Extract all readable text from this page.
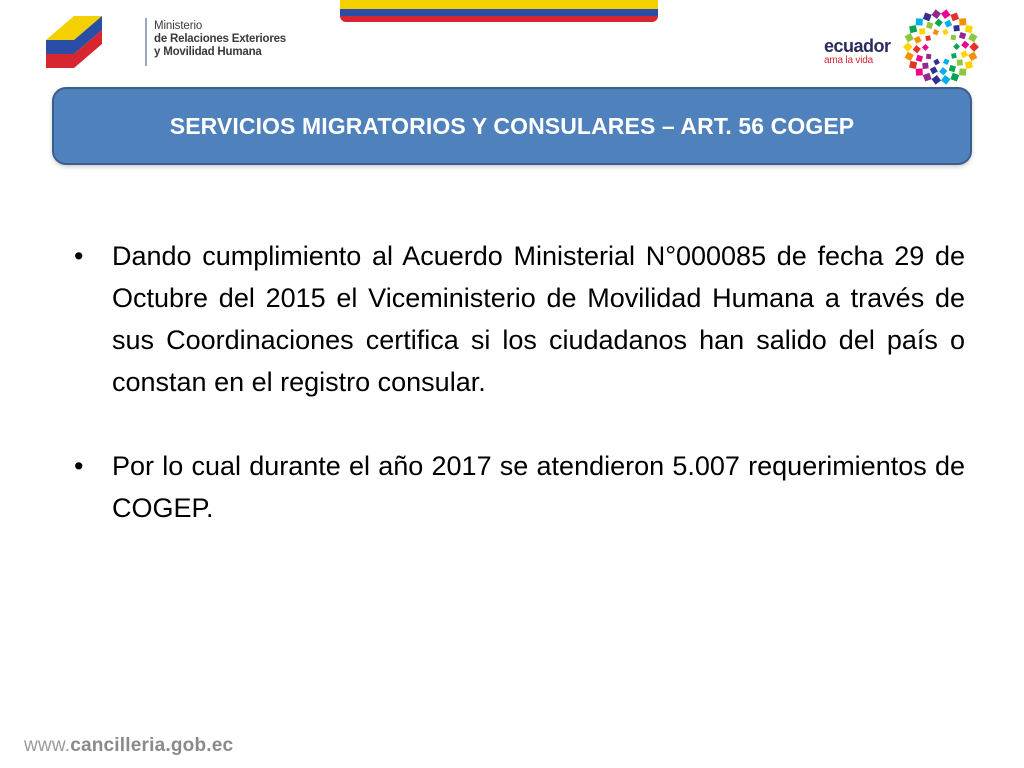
Ministerio
de Relaciones Exteriores
y Movilidad Humana	ecuador
ama la vida
SERVICIOS MIGRATORIOS Y CONSULARES – ART. 56 COGEP
• Dando cumplimiento al Acuerdo Ministerial N°000085 de fecha 29 de Octubre del 2015 el Viceministerio de Movilidad Humana a través de sus Coordinaciones certifica si los ciudadanos han salido del país o constan en el registro consular.
• Por lo cual durante el año 2017 se atendieron 5.007 requerimientos de COGEP.
www.cancilleria.gob.ec
